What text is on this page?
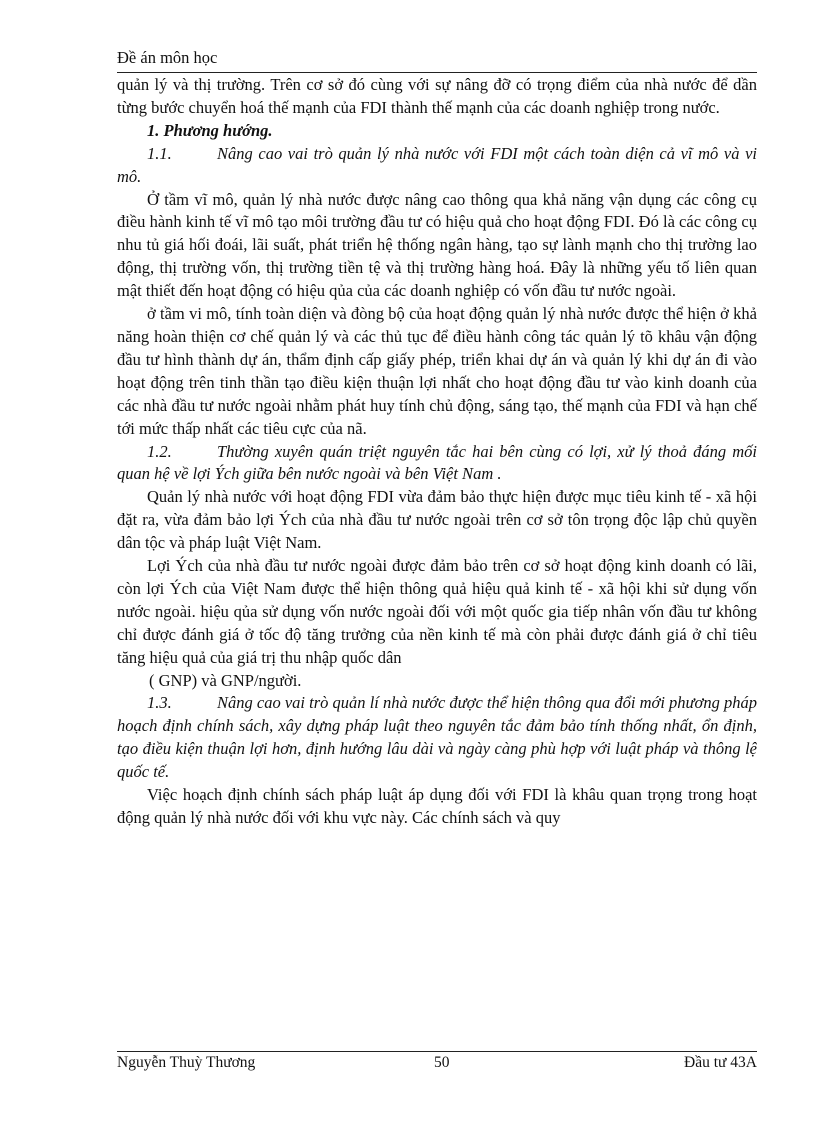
Đề án môn học

quản lý và thị trường. Trên cơ sở đó cùng với sự nâng đỡ có trọng điểm của nhà nước để dần từng bước chuyển hoá thế mạnh của FDI thành thế mạnh của các doanh nghiệp trong nước.

1. Phương hướng.

1.1.	Nâng cao vai trò quản lý nhà nước với FDI một cách toàn diện cả vĩ mô và vi mô.

Ở tầm vĩ mô, quản lý nhà nước được nâng cao thông qua khả năng vận dụng các công cụ điều hành kinh tế vĩ mô tạo môi trường đầu tư có hiệu quả cho hoạt động FDI. Đó là các công cụ nhu tủ giá hối đoái, lãi suất, phát triển hệ thống ngân hàng, tạo sự lành mạnh cho thị trường lao động, thị trường vốn, thị trường tiền tệ và thị trường hàng hoá. Đây là những yếu tố liên quan mật thiết đến hoạt động có hiệu qủa của các doanh nghiệp có vốn đầu tư nước ngoài.

ở tầm vi mô, tính toàn diện và đòng bộ của hoạt động quản lý nhà nước được thể hiện ở khả năng hoàn thiện cơ chế quản lý và các thủ tục để điều hành công tác quản lý tõ khâu vận động đầu tư hình thành dự án, thẩm định cấp giấy phép, triển khai dự án và quản lý khi dự án đi vào hoạt động trên tinh thần tạo điều kiện thuận lợi nhất cho hoạt động đầu tư vào kinh doanh của các nhà đầu tư nước ngoài nhằm phát huy tính chủ động, sáng tạo, thế mạnh của FDI và hạn chế tới mức thấp nhất các tiêu cực của nã.

1.2.	Thường xuyên quán triệt nguyên tắc hai bên cùng có lợi, xử lý thoả đáng mối quan hệ về lợi Ých giữa bên nước ngoài và bên Việt Nam .

Quản lý nhà nước với hoạt động FDI vừa đảm bảo thực hiện được mục tiêu kinh tế - xã hội đặt ra, vừa đảm bảo lợi Ých của nhà đầu tư nước ngoài trên cơ sở tôn trọng độc lập chủ quyền dân tộc và pháp luật Việt Nam.

Lợi Ých của nhà đầu tư nước ngoài được đảm bảo trên cơ sở hoạt động kinh doanh có lãi, còn lợi Ých của Việt Nam được thể hiện thông quả hiệu quả kinh tế - xã hội khi sử dụng vốn nước ngoài. hiệu qủa sử dụng vốn nước ngoài đối với một quốc gia tiếp nhân vốn đầu tư không chỉ được đánh giá ở tốc độ tăng trưởng của nền kinh tế mà còn phải được đánh giá ở chỉ tiêu tăng hiệu quả của giá trị thu nhập quốc dân

( GNP) và GNP/người.

1.3.	Nâng cao vai trò quản lí nhà nước được thể hiện thông qua đổi mới phương pháp hoạch định chính sách, xây dựng pháp luật theo nguyên tắc đảm bảo tính thống nhất, ổn định, tạo điều kiện thuận lợi hơn, định hướng lâu dài và ngày càng phù hợp với luật pháp và thông lệ quốc tế.

Việc hoạch định chính sách pháp luật áp dụng đối với FDI là khâu quan trọng trong hoạt động quản lý nhà nước đối với khu vực này. Các chính sách và quy

Nguyễn Thuỳ Thương	50	Đầu tư 43A
